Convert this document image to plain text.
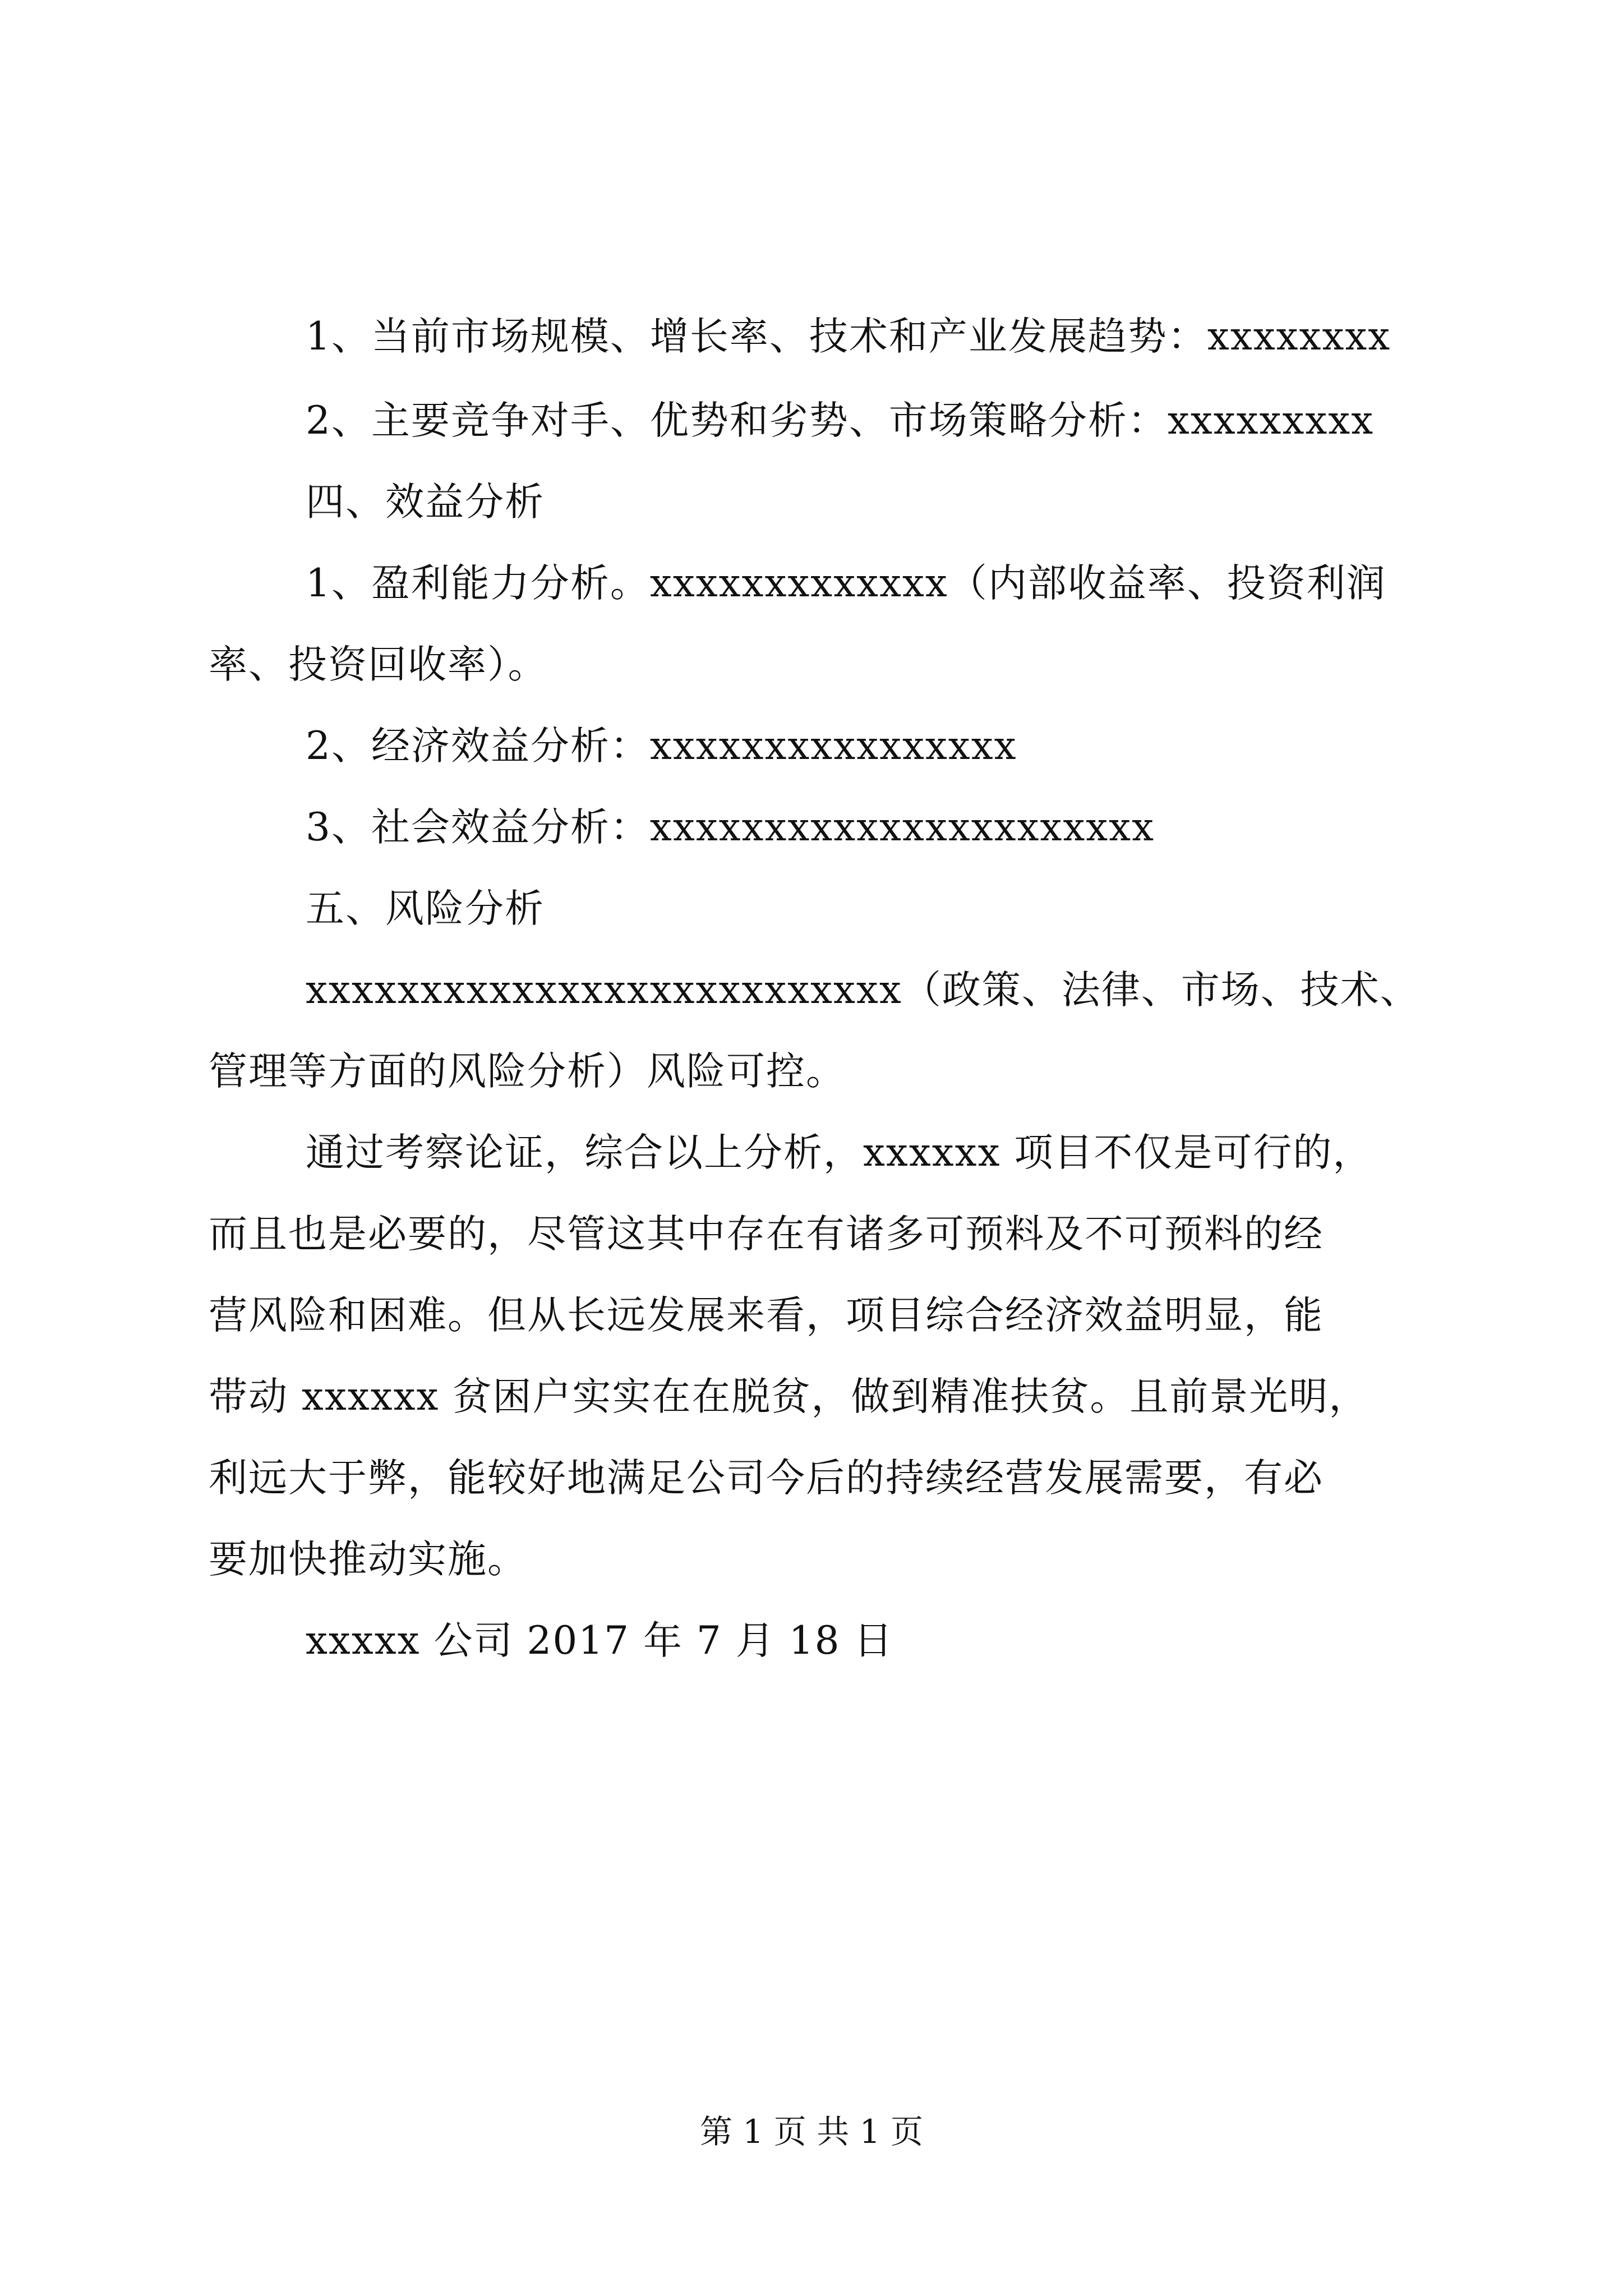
1、当前市场规模、增长率、技术和产业发展趋势：xxxxxxxx
2、主要竞争对手、优势和劣势、市场策略分析：xxxxxxxxx
四、效益分析
1、盈利能力分析。xxxxxxxxxxxxx（内部收益率、投资利润
率、投资回收率）。
2、经济效益分析：xxxxxxxxxxxxxxxx
3、社会效益分析：xxxxxxxxxxxxxxxxxxxxxx
五、风险分析
xxxxxxxxxxxxxxxxxxxxxxxxxx（政策、法律、市场、技术、
管理等方面的风险分析）风险可控。
通过考察论证，综合以上分析，xxxxxx 项目不仅是可行的，
而且也是必要的，尽管这其中存在有诸多可预料及不可预料的经
营风险和困难。但从长远发展来看，项目综合经济效益明显，能
带动 xxxxxx 贫困户实实在在脱贫，做到精准扶贫。且前景光明，
利远大于弊，能较好地满足公司今后的持续经营发展需要，有必
要加快推动实施。
xxxxx 公司 2017 年 7 月 18 日
第 1 页 共 1 页
